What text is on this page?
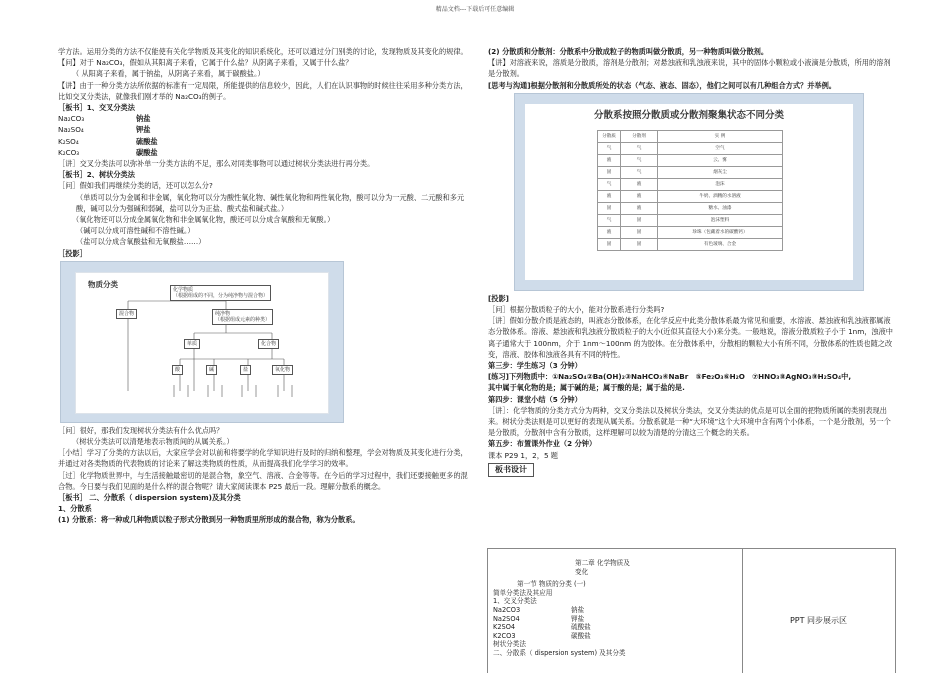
精品文档---下载后可任意编辑

学方法。运用分类的方法不仅能使有关化学物质及其变化的知识系统化，还可以通过分门别类的讨论，发现物质及其变化的规律。

【问】对于 Na₂CO₃，假如从其阳离子来看，它属于什么盐？从阴离子来看，又属于什么盐？

（ 从阳离子来看，属于钠盐，从阴离子来看，属于碳酸盐。）

【讲】由于一种分类方法所依据的标准有一定局限，所能提供的信息较少，因此，人们在认识事物的时候往往采用多种分类方法，比如交叉分类法，就像我们刚才举的 Na₂CO₃的例子。

［板书］1、交叉分类法

Na₂CO₃	钠盐
Na₂SO₄	钾盐
K₂SO₄	硫酸盐
K₂CO₃	碳酸盐

［讲］交叉分类法可以弥补单一分类方法的不足，那么对同类事物可以通过树状分类法进行再分类。

［板书］2、树状分类法

［问］假如我们再继续分类的话，还可以怎么分?

（单质可以分为金属和非金属，氧化物可以分为酸性氧化物、碱性氧化物和两性氧化物，酸可以分为一元酸、二元酸和多元酸，碱可以分为强碱和弱碱，盐可以分为正盐、酸式盐和碱式盐。）

（氧化物还可以分成金属氧化物和非金属氧化物，酸还可以分成含氧酸和无氧酸。）

（碱可以分成可溶性碱和不溶性碱。）

（盐可以分成含氧酸盐和无氧酸盐……）

［投影］

物质分类
化学物质
（根据组成的不同，分为纯净物与混合物）
混合物	纯净物
（根据组成元素的种类）
单质	化合物
酸	碱	盐	氧化物

［问］很好，那我们发现树状分类法有什么优点吗？

（树状分类法可以清楚地表示物质间的从属关系。）

［小结］学习了分类的方法以后，大家应学会对以前和将要学的化学知识进行及时的归纳和整理，学会对物质及其变化进行分类，并通过对各类物质的代表物质的讨论来了解这类物质的性质，从而提高我们化学学习的效率。

［过］化学物质世界中，与生活接触最密切的是混合物，象空气、溶液、合金等等。在今后的学习过程中，我们还要接触更多的混合物。今日要与我们见面的是什么样的混合物呢？请大家阅读课本 P25 最后一段。理解分散系的概念。

［板书］ 二、分散系（ dispersion system)及其分类

1、分散系

(1) 分散系：将一种或几种物质以粒子形式分散到另一种物质里所形成的混合物，称为分散系。

(2) 分散质和分散剂：分散系中分散成粒子的物质叫做分散质，另一种物质叫做分散剂。

【讲】对溶液来说，溶质是分散质，溶剂是分散剂；对悬浊液和乳浊液来说，其中的固体小颗粒或小液滴是分散质，所用的溶剂是分散剂。

[思考与沟通]根据分散剂和分散质所处的状态（气态、液态、固态），他们之间可以有几种组合方式？并举例。

分散系按照分散质或分散剂聚集状态不同分类
分散质	分散剂	实 例
气	气	空气
液	气	云、雾
固	气	烟灰尘
气	液	泡沫
液	液	牛奶、酒精的水溶液
固	液	糖水、油漆
气	固	泡沫塑料
液	固	珍珠（包藏着水的碳酸钙）
固	固	有色玻璃、合金

[投影]

［问］根据分散质粒子的大小，能对分散系进行分类吗?

［讲］假如分散介质是液态的，叫液态分散体系，在化学反应中此类分散体系最为常见和重要，水溶液、悬浊液和乳浊液都属液态分散体系。溶液、悬浊液和乳浊液分散质粒子的大小(近似其直径大小)来分类。一般地说，溶液分散质粒子小于 1nm，浊液中离子通常大于 100nm，介于 1nm～100nm 的为胶体。在分散体系中，分散相的颗粒大小有所不同，分散体系的性质也随之改变，溶液、胶体和浊液各具有不同的特性。

第三步：学生练习（3 分钟）

[练习]下列物质中：①Na₂SO₄②Ba(OH)₂③NaHCO₃④NaBr　⑤Fe₂O₃⑥H₂O　⑦HNO₃⑧AgNO₃⑨H₂SO₄中,

其中属于氧化物的是；属于碱的是；属于酸的是；属于盐的是.

第四步：课堂小结（5 分钟）

［讲］：化学物质的分类方式分为两种，交叉分类法以及树状分类法，交叉分类法的优点是可以全面的把物质所属的类别表现出来。树状分类法则是可以更好的表现从属关系。分散系就是一种“大环境”这个大环境中含有两个小体系，一个是分散剂，另一个是分散质，分散剂中含有分散质，这样理解可以较为清楚的分清这三个概念的关系。

第五步：布置课外作业（2 分钟）

课本 P29 1，2，5 题

板书设计
第二章 化学物质及
变化
第一节 物质的分类 (一)
简单分类法及其应用
1、交叉分类法
Na2CO3	钠盐
Na2SO4	钾盐
K2SO4	硫酸盐
K2CO3	碳酸盐
树状分类法
二、分散系（ dispersion system) 及其分类
PPT 同步展示区
